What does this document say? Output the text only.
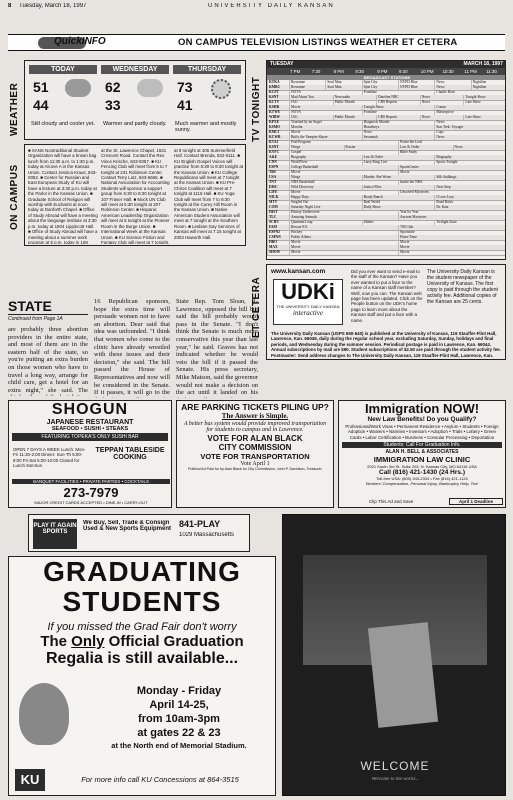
8 Tuesday, March 18, 1997	UNIVERSITY DAILY KANSAN
QuickINFO	ON CAMPUS TELEVISION LISTINGS WEATHER ET CETERA
WEATHER
ON CAMPUS
TODAY
51
44
Still cloudy and cooler yet.
WEDNESDAY
62
33
Warmer and partly cloudy.
THURSDAY
73
41
Much warmer and mostly sunny.
■ SANS Nontraditional Student Organization will have a brown bag lunch from 11:30 a.m. to 1:30 p.m. today at Alcove A in the Kansas Union. Contact Jessica Kraus, 843-0052. ■ Center for Russian and East European Study of KU will have a lecture at 3:30 p.m. today at the Parlor in the Kansas Union. ■ Graduate School of Religion will worship with Eucharist at noon today at Danforth Chapel. ■ Office of Study Abroad will have a meeting about the language institute at 3:30 p.m. today at 1904 Lippincott Hall. ■ Office of Study Abroad will have a meeting about a summer work program at 5 p.m. today in 108
at the St. Lawrence Chapel, 1631 Crescent Road. Contact the Rev. Vince Krische, 843-0357. ■ KU Fencing Club will meet from 5 to 7 tonight at 231 Robinson Center. Contact Terry Lutz, 843-6665. ■ National Association for Accounting Students will sponsor a support group from 6:30 to 8:30 tonight at 107 Fraser Hall. ■ Mock UN Club will meet at 6:30 tonight at 207 Robinson Center. ■ Hispanic American Leadership Organization will meet at 6 tonight at the Pioneer Room in the Burge Union. ■ International Week at the Kansas Union. ■ KU Science Fiction and Fantasy Club will meet at 7 tonight.
at 8 tonight at 405 Summerfield Hall. Contact Brenda, 832-0111. ■ KU English Gospel Voices will practice from 6:30 to 8:30 tonight at the Kansas Union. ■ KU College Republicans will meet at 7 tonight at the Kansas Union. ■ KU Pre-Chiros Coalition will meet at 7 tonight at 1116 Hall. ■ KU Yoga Club will meet from 7 to 8:30 tonight at the Corey Hill Room in the Kansas Union. ■ Native American Student Association will meet at 7 tonight at the Southern Room. ■ Lesbian Gay Services of Kansas will meet at 7:15 tonight at 2003 Haworth Hall.
TV TONIGHT
TUESDAY	MARCH 18, 1997
7 PM	7:30	8 PM	8:30	9 PM	9:30	10 PM	10:30	11 PM	11:30
BROADCAST STATIONS
KTKA	Roseanne	Soul Man	Spin City	NYPD Blue	News	Nightline
KMBC	Roseanne	Soul Man	Spin City	NYPD Blue	News	Nightline
KCPT	NOVA	Frontline	Charlie Rose
KSNT	Mad About You	Newsradio	Dateline NBC	News	Tonight Show
KCTV	JAG	Public Morals	CBS Reports	News	Late Show
KSHB	Movie	Tonight Show	Conan
KTWU	NOVA	Frontline	Masterpiece
WIBW	JAG	Public Morals	CBS Reports	News	Late Show
KPXE	Touched by an Angel	Diagnosis Murder	News
KSMO	Moesha	Homeboys	Star Trek: Voyager
KMCI	Movie	News	Cops
KCWB	Buffy the Vampire Slayer	Savannah	News
KTAJ	Paid Program	Praise the Lord
KSNT	Wings	Frasier	Law & Order	News
KYFC	Gospel	Bible Study
A&E	Biography	Law & Order	Biography
CNN	WorldView	Larry King Live	Sports Tonight
ESPN	College Basketball	SportsCenter
TBS	Movie	Movie
USA	Wings	Murder, She Wrote	Silk Stalkings
TNT	NBA Basketball	Inside the NBA
DISC	Wild Discovery	Justice Files	Next Step
LIFE	Movie	Unsolved Mysteries
NICK	Happy Days	Brady Bunch	I Love Lucy
MTV	Singled Out	Real World	Road Rules
COM	Saturday Night Live	Daily Show	Dr. Katz
HIST	History Undercover	Year by Year
TLC	Amazing Animals	Ancient Mysteries
SCIFI	Quantum Leap	Sliders	Twilight Zone
FAM	Rescue 911	700 Club
ESPN2	Hockey	Sportsnite
CSPAN	Public Affairs	Prime Time
HBO	Movie	Movie
MAX	Movie	Movie
SHOW	Movie	Movie
ET CETERA
www.kansan.com
UDKi
THE UNIVERSITY DAILY KANSAN
interactive
Did you ever want to send e-mail to the staff of the Kansan? Have you ever wanted to put a face to the name of a Kansan staff member? Well, now you can. The Kansan web page has been updated. Click on the People button on the UDK's home page to learn more about the Kansan staff and put a face with a name.
The University Daily Kansan is the student newspaper of the University of Kansas. The first copy is paid through the student activity fee. Additional copies of the Kansan are 25 cents.
The University Daily Kansan (USPS 650-640) is published at the University of Kansas, 119 Stauffer-Flint Hall, Lawrence, Kan. 66045, daily during the regular school year, excluding Saturday, Sunday, holidays and final periods, and Wednesday during the summer session. Periodical postage is paid in Lawrence, Kan. 66044. Annual subscriptions by mail are $90. Student subscriptions of $2.50 are paid through the student activity fee. Postmaster: Send address changes to The University Daily Kansan, 119 Stauffer-Flint Hall, Lawrence, Kan.
STATE
Continued from Page 1A
are probably three abortion providers in the entire state, and most of them are in the eastern half of the state, so you're putting an extra burden on those women who have to travel a long way, arrange for child care, get a hotel for an extra night," she said. The
16 Republican sponsors, hope the extra time will persuade women not to have an abortion. Dear said that idea was unfounded. "I think that women who come to the clinic have already wrestled with these issues and their decision," she said. The bill passed the House of Representatives and now will be considered in the Senate. If it passes, it will go to the
State Rep. Tom Sloan, R-Lawrence, opposed the bill but said the bill probably would pass in the Senate. "I don't think the Senate is much more conservative this year than last year," he said. Graves has not indicated whether he would veto the bill if it passed the Senate. His press secretary, Mike Matson, said the governor would not make a decision on the act until it landed on his
SHOGUN
JAPANESE RESTAURANT
SEAFOOD • SUSHI • STEAKS
FEATURING TOPEKA'S ONLY SUSHI BAR
OPEN 7 DAYS A WEEK Lunch: Mon-Fri 11:30-2:00 Dinner: Sun-Th 5:00-9:00 Fri-Sat 5:00-10:00 Closed for Lunch Sat-Sun
TEPPAN TABLESIDE COOKING
BANQUET FACILITIES • PRIVATE PARTIES • COCKTAILS
273-7979
MAJOR CREDIT CARDS ACCEPTED • DINE-IN • CARRY-OUT
ARE PARKING TICKETS PILING UP?
The Answer is Simple.
A better bus system would provide improved transportation for students to campus and in Lawrence.
VOTE FOR ALAN BLACK
CITY COMMISSION
VOTE FOR TRANSPORTATION
Vote April 1
Political Ad Paid for by Alan Black for City Commission, John P. Davidson, Treasurer
Immigration NOW!
New Law Benefits! Do you Qualify?
Professional/Work Visas • Permanent Residence • Asylum • Students • Foreign Adoption • Waivers • Nannies • Investors • Adoption • Trials • Lottery • Green Cards • Labor Certification • Business • Consular Processing • Deportation
Students: Call For Graduation Info.
ALAN H. BELL & ASSOCIATES
IMMIGRATION LAW CLINIC
2021 South 3rd St. Suite 203, N. Kansas City, MO 64116 USA
Call (816) 421-1430 (24 Hrs.)
Toll-free USA: (800) 343-2334 • Fax (816) 421-1124
Workers' Compensation, Personal Injury, Bankruptcy Help, Too!
Clip This Ad and Save	April 1 Deadline
PLAY IT AGAIN SPORTS
We Buy, Sell, Trade & Consign Used & New Sports Equipment 841-PLAY
1029 Massachusetts
GRADUATING
STUDENTS
If you missed the Grad Fair don't worry
The Only Official Graduation
Regalia is still available...
Monday - Friday
April 14-25,
from 10am-3pm
at gates 22 & 23
at the North end of Memorial Stadium.
KU	For more info call KU Concessions at 864-3515
WELCOME
Welcome to the world...
